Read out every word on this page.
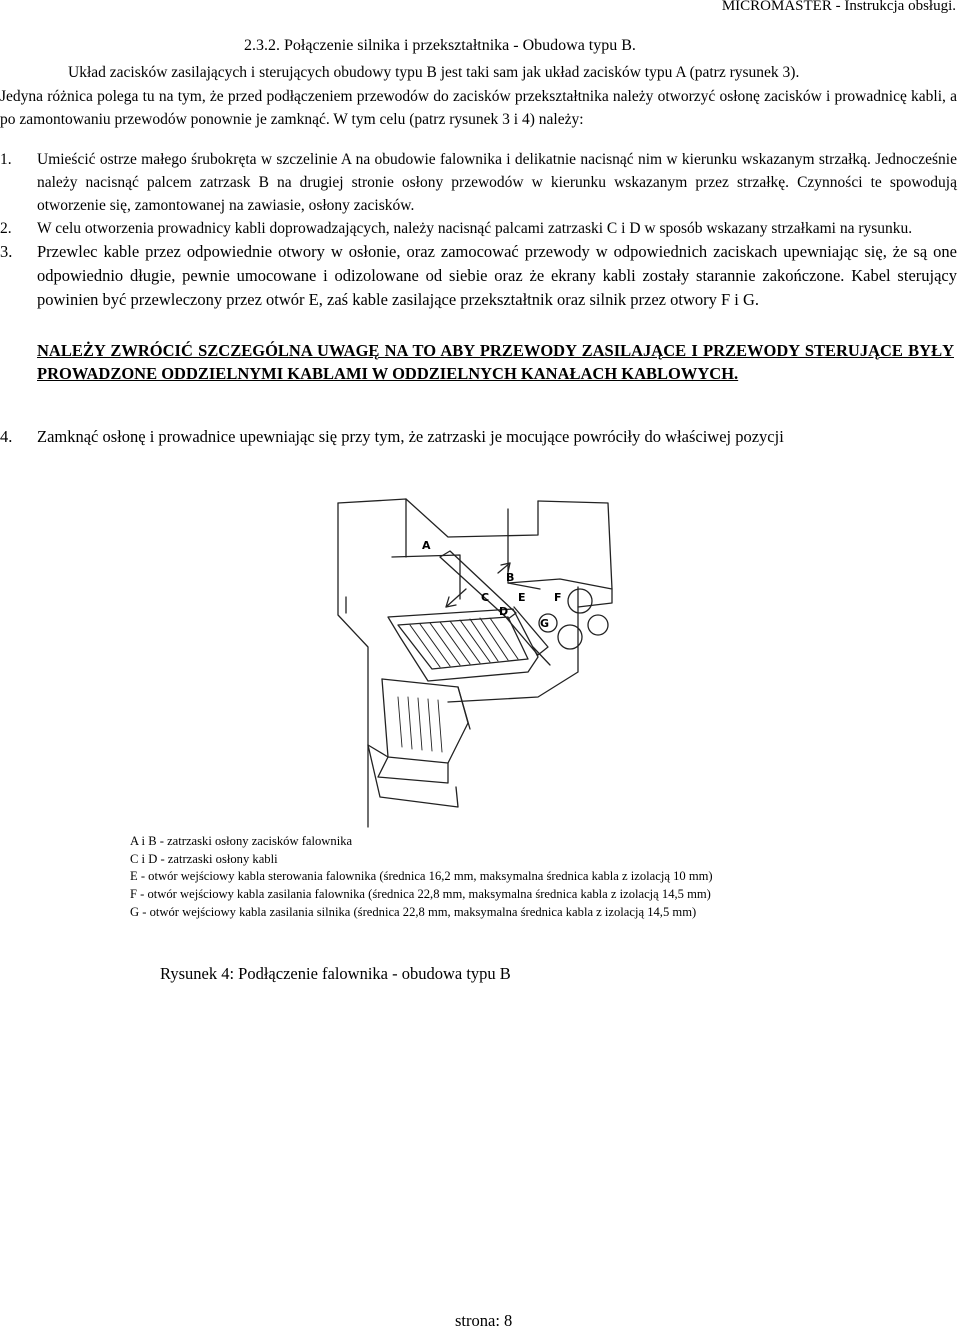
MICROMASTER - Instrukcja obsługi.
2.3.2. Połączenie silnika i przekształtnika - Obudowa typu B.

Układ zacisków zasilających i sterujących obudowy typu B jest taki sam jak układ zacisków typu A (patrz rysunek 3).

Jedyna różnica polega tu na tym, że przed podłączeniem przewodów do zacisków przekształtnika należy otworzyć osłonę zacisków i prowadnicę kabli, a po zamontowaniu przewodów ponownie je zamknąć. W tym celu (patrz rysunek 3 i 4) należy:

1. Umieścić ostrze małego śrubokręta w szczelinie A na obudowie falownika i delikatnie nacisnąć nim w kierunku wskazanym strzałką. Jednocześnie należy nacisnąć palcem zatrzask B na drugiej stronie osłony przewodów w kierunku wskazanym przez strzałkę. Czynności te spowodują otworzenie się, zamontowanej na zawiasie, osłony zacisków.

2. W celu otworzenia prowadnicy kabli doprowadzających, należy nacisnąć palcami zatrzaski C i D w sposób wskazany strzałkami na rysunku.

3. Przewlec kable przez odpowiednie otwory w osłonie, oraz zamocować przewody w odpowiednich zaciskach upewniając się, że są one odpowiednio długie, pewnie umocowane i odizolowane od siebie oraz że ekrany kabli zostały starannie zakończone. Kabel sterujący powinien być przewleczony przez otwór E, zaś kable zasilające przekształtnik oraz silnik przez otwory F i G.

NALEŻY ZWRÓCIĆ SZCZEGÓLNA UWAGĘ NA TO ABY PRZEWODY ZASILAJĄCE I PRZEWODY STERUJĄCE BYŁY PROWADZONE ODDZIELNYMI KABLAMI W ODDZIELNYCH KANAŁACH KABLOWYCH.
4. Zamknąć osłonę i prowadnice upewniając się przy tym, że zatrzaski je mocujące powróciły do właściwej pozycji
A
B
C
D
E	F
G
A i B - zatrzaski osłony zacisków falownika
C i D - zatrzaski osłony kabli
E - otwór wejściowy kabla sterowania falownika (średnica 16,2 mm, maksymalna średnica kabla z izolacją 10 mm)
F - otwór wejściowy kabla zasilania falownika (średnica 22,8 mm, maksymalna średnica kabla z izolacją 14,5 mm)
G - otwór wejściowy kabla zasilania silnika (średnica 22,8 mm, maksymalna średnica kabla z izolacją 14,5 mm)
Rysunek 4: Podłączenie falownika - obudowa typu B
strona: 8
